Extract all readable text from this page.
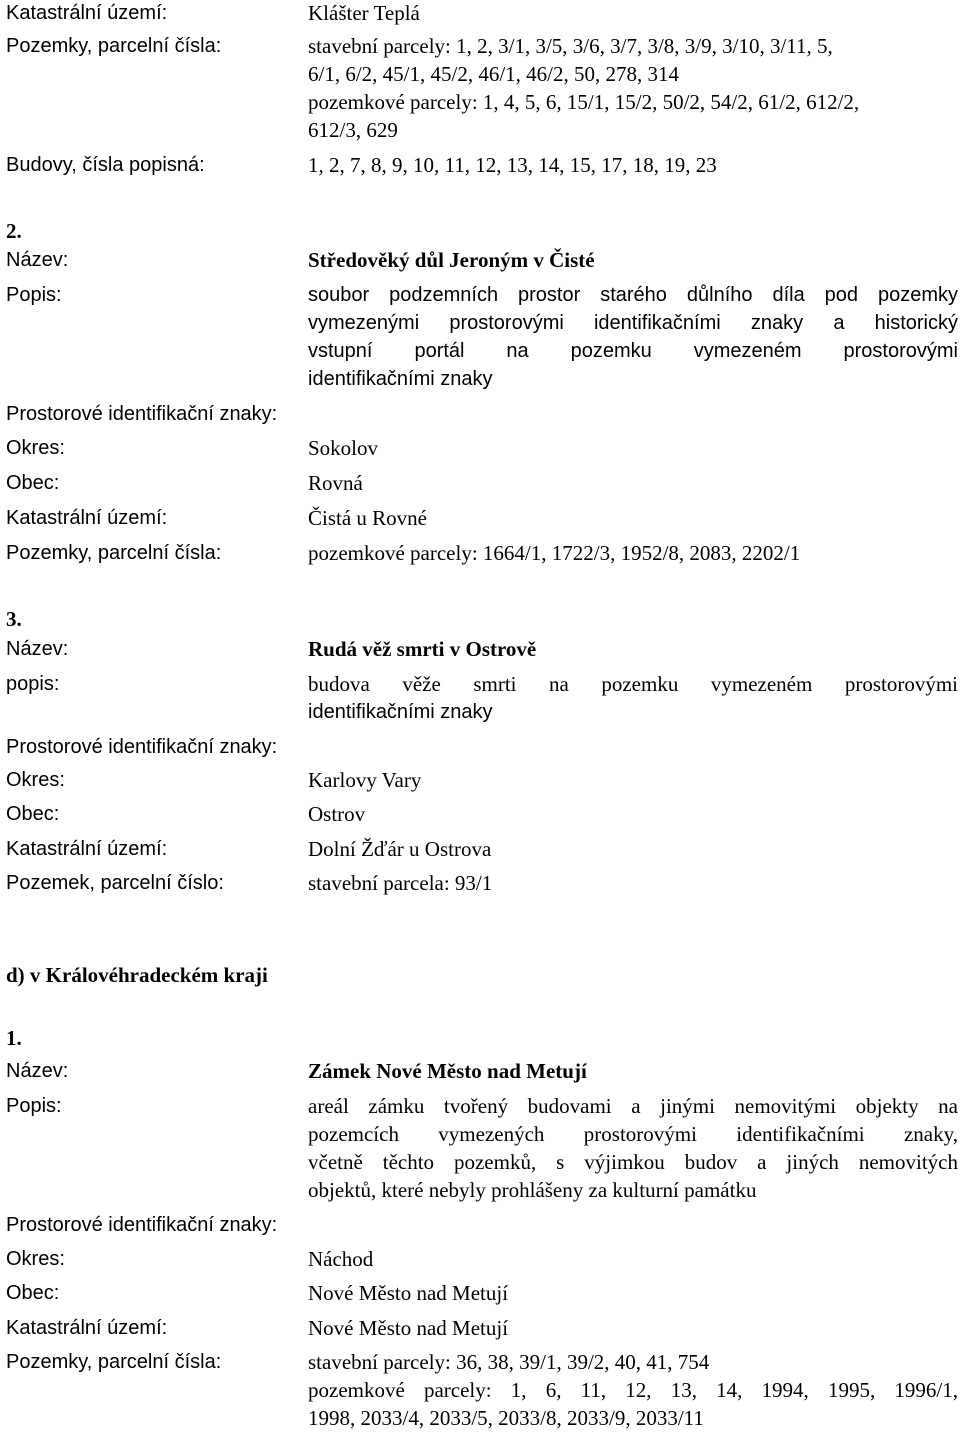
Katastrální území:	Klášter Teplá
Pozemky, parcelní čísla:	stavební parcely: 1, 2, 3/1, 3/5, 3/6, 3/7, 3/8, 3/9, 3/10, 3/11, 5,
6/1, 6/2, 45/1, 45/2, 46/1, 46/2, 50, 278, 314
pozemkové parcely: 1, 4, 5, 6, 15/1, 15/2, 50/2, 54/2, 61/2, 612/2,
612/3, 629
Budovy, čísla popisná:	1, 2, 7, 8, 9, 10, 11, 12, 13, 14, 15, 17, 18, 19, 23
2.
Název:	Středověký důl Jeroným v Čisté
Popis:	soubor podzemních prostor starého důlního díla pod pozemky
vymezenými prostorovými identifikačními znaky a historický
vstupní portál na pozemku vymezeném prostorovými
identifikačními znaky
Prostorové identifikační znaky:
Okres:	Sokolov
Obec:	Rovná
Katastrální území:	Čistá u Rovné
Pozemky, parcelní čísla:	pozemkové parcely: 1664/1, 1722/3, 1952/8, 2083, 2202/1
3.
Název:	Rudá věž smrti v Ostrově
popis:	budova věže smrti na pozemku vymezeném prostorovými
identifikačními znaky
Prostorové identifikační znaky:
Okres:	Karlovy Vary
Obec:	Ostrov
Katastrální území:	Dolní Žďár u Ostrova
Pozemek, parcelní číslo:	stavební parcela: 93/1
d) v Královéhradeckém kraji
1.
Název:	Zámek Nové Město nad Metují
Popis:	areál zámku tvořený budovami a jinými nemovitými objekty na
pozemcích vymezených prostorovými identifikačními znaky,
včetně těchto pozemků, s výjimkou budov a jiných nemovitých
objektů, které nebyly prohlášeny za kulturní památku
Prostorové identifikační znaky:
Okres:	Náchod
Obec:	Nové Město nad Metují
Katastrální území:	Nové Město nad Metují
Pozemky, parcelní čísla:	stavební parcely: 36, 38, 39/1, 39/2, 40, 41, 754
pozemkové parcely: 1, 6, 11, 12, 13, 14, 1994, 1995, 1996/1,
1998, 2033/4, 2033/5, 2033/8, 2033/9, 2033/11
